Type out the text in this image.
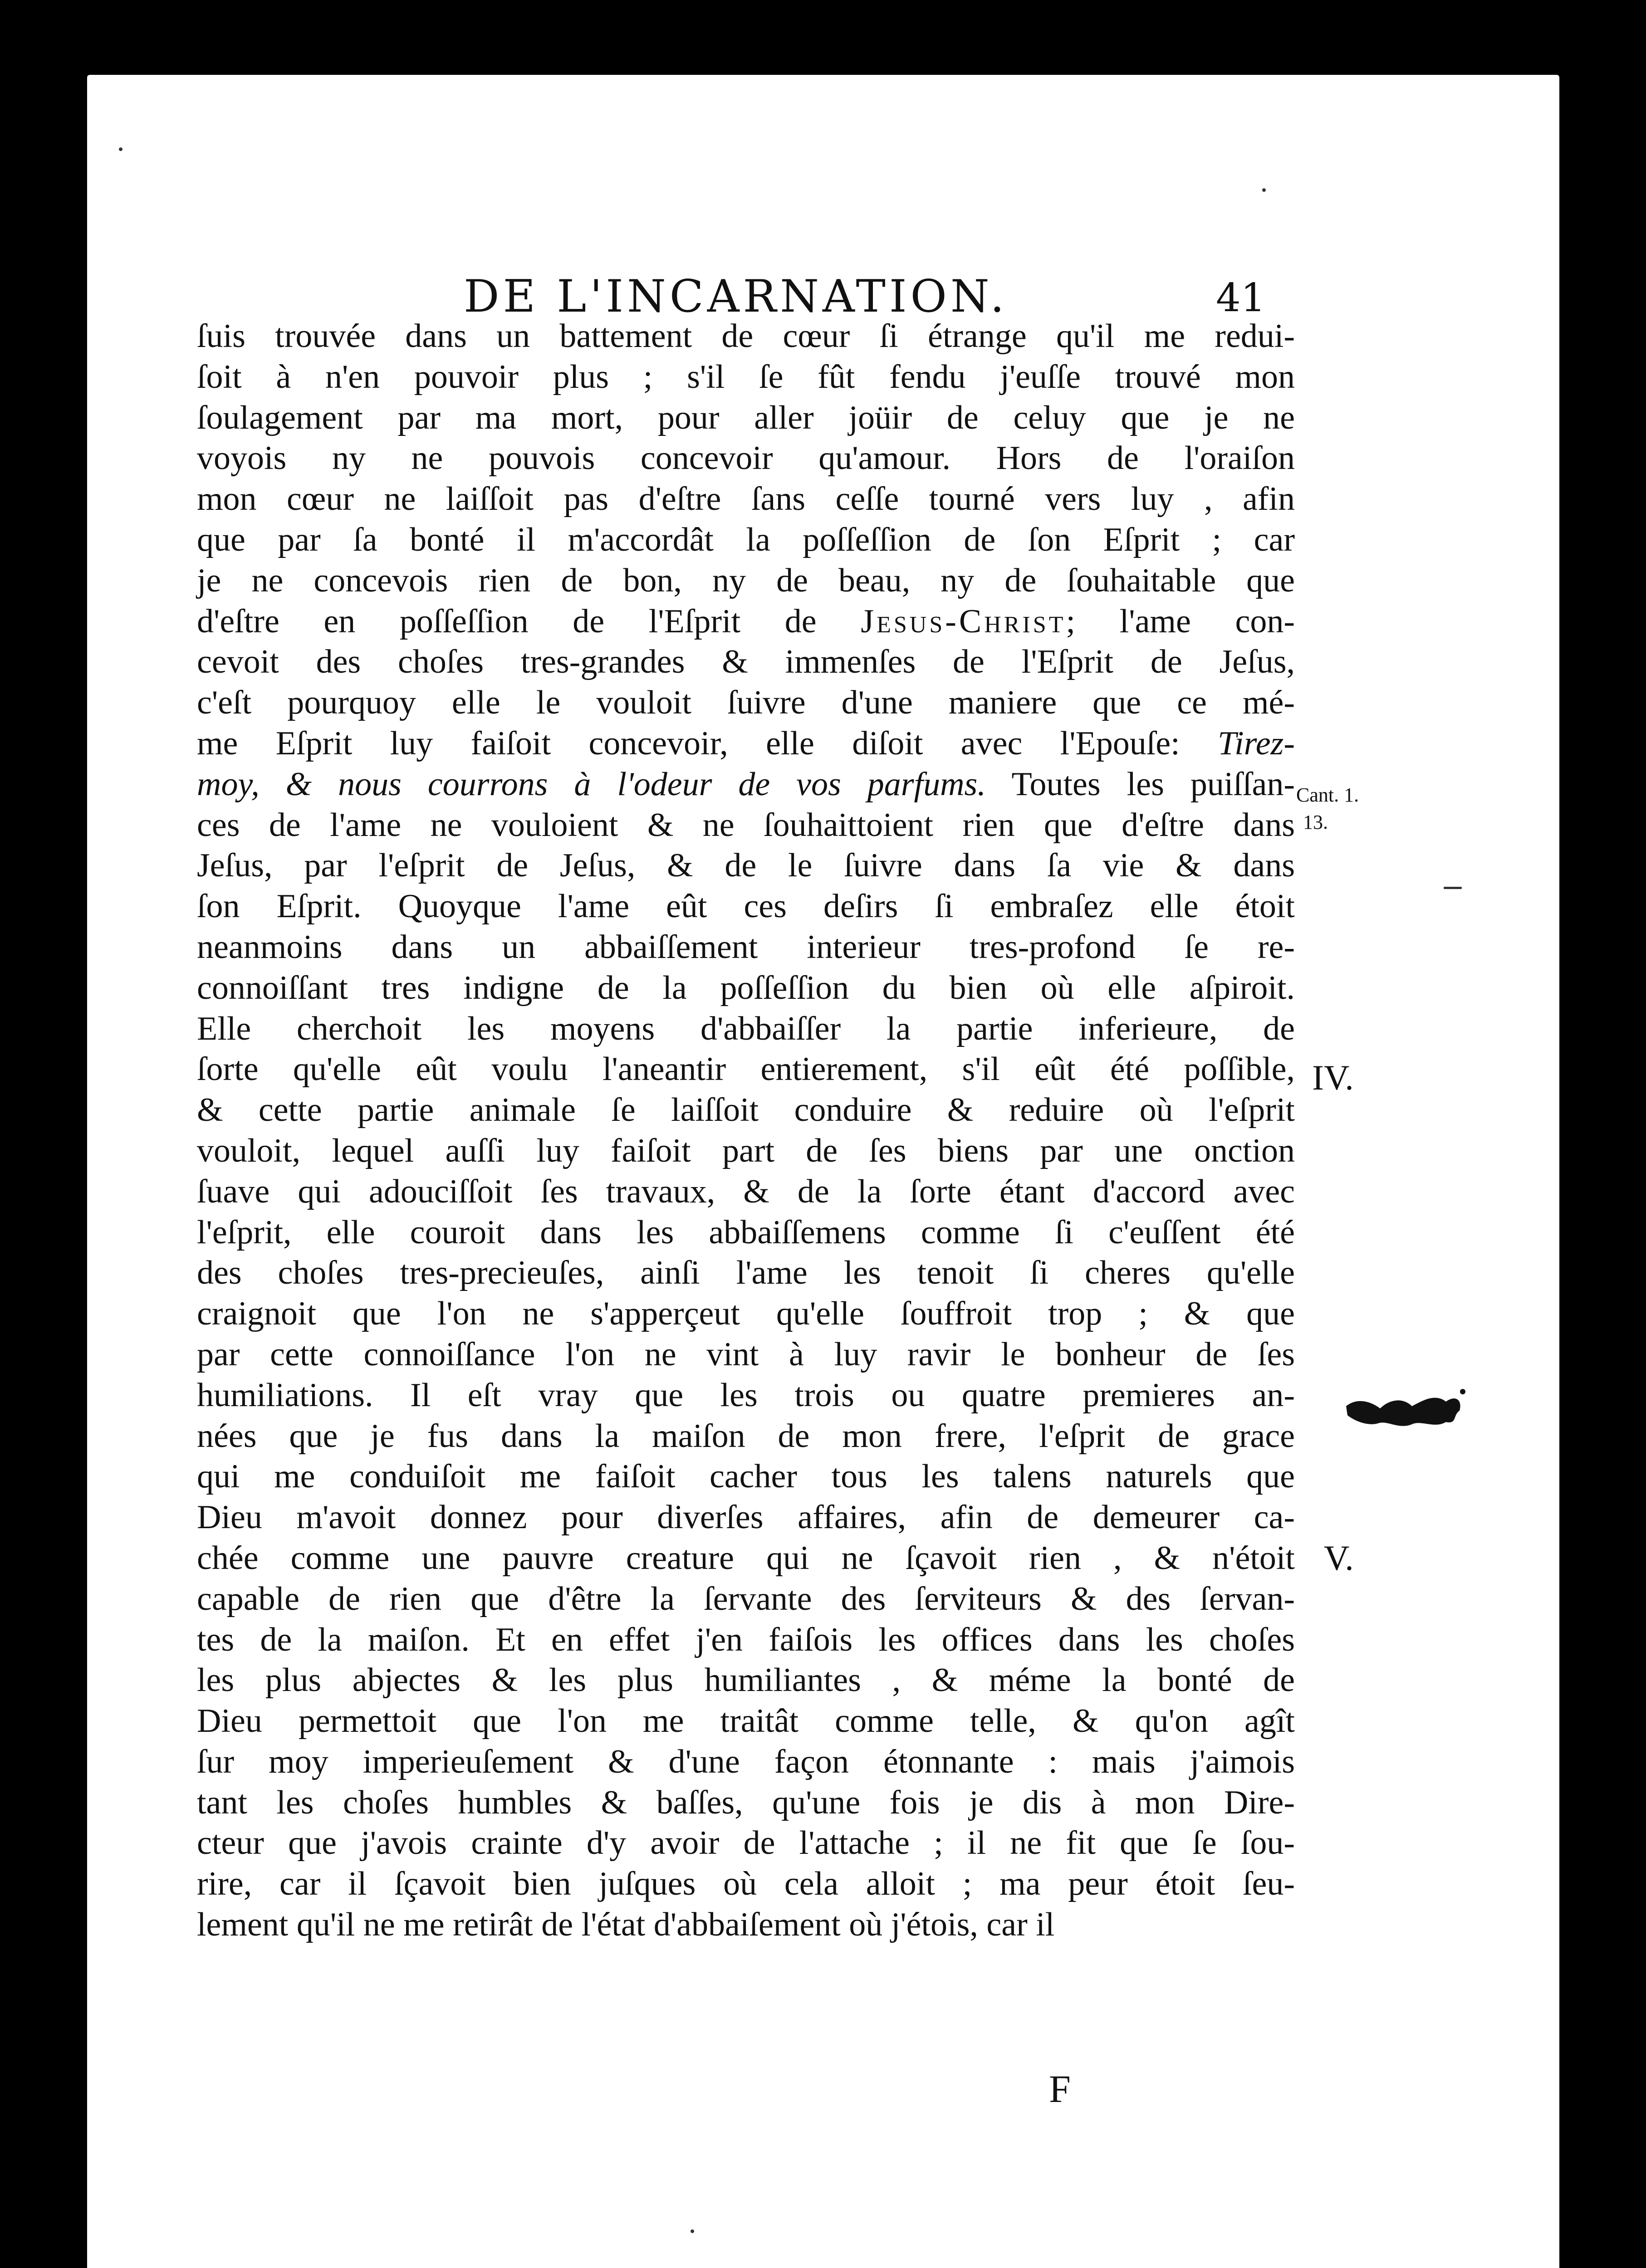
DE L'INCARNATION.	41
ſuis trouvée dans un battement de cœur ſi étrange qu'il me redui-
ſoit à n'en pouvoir plus ; s'il ſe fût fendu j'euſſe trouvé mon
ſoulagement par ma mort, pour aller joüir de celuy que je ne
voyois ny ne pouvois concevoir qu'amour. Hors de l'oraiſon
mon cœur ne laiſſoit pas d'eſtre ſans ceſſe tourné vers luy , afin
que par ſa bonté il m'accordât la poſſeſſion de ſon Eſprit ; car
je ne concevois rien de bon, ny de beau, ny de ſouhaitable que
d'eſtre en poſſeſſion de l'Eſprit de Jesus-Christ; l'ame con-
cevoit des choſes tres-grandes & immenſes de l'Eſprit de Jeſus,
c'eſt pourquoy elle le vouloit ſuivre d'une maniere que ce mé-
me Eſprit luy faiſoit concevoir, elle diſoit avec l'Epouſe: Tirez-
moy, & nous courrons à l'odeur de vos parfums. Toutes les puiſſan-
ces de l'ame ne vouloient & ne ſouhaittoient rien que d'eſtre dans
Jeſus, par l'eſprit de Jeſus, & de le ſuivre dans ſa vie & dans
ſon Eſprit. Quoyque l'ame eût ces deſirs ſi embraſez elle étoit
neanmoins dans un abbaiſſement interieur tres-profond ſe re-
connoiſſant tres indigne de la poſſeſſion du bien où elle aſpiroit.
Elle cherchoit les moyens d'abbaiſſer la partie inferieure, de
ſorte qu'elle eût voulu l'aneantir entierement, s'il eût été poſſible,
& cette partie animale ſe laiſſoit conduire & reduire où l'eſprit
vouloit, lequel auſſi luy faiſoit part de ſes biens par une onction
ſuave qui adouciſſoit ſes travaux, & de la ſorte étant d'accord avec
l'eſprit, elle couroit dans les abbaiſſemens comme ſi c'euſſent été
des choſes tres-precieuſes, ainſi l'ame les tenoit ſi cheres qu'elle
craignoit que l'on ne s'apperçeut qu'elle ſouffroit trop ; & que
par cette connoiſſance l'on ne vint à luy ravir le bonheur de ſes
humiliations. Il eſt vray que les trois ou quatre premieres an-
nées que je fus dans la maiſon de mon frere, l'eſprit de grace
qui me conduiſoit me faiſoit cacher tous les talens naturels que
Dieu m'avoit donnez pour diverſes affaires, afin de demeurer ca-
chée comme une pauvre creature qui ne ſçavoit rien , & n'étoit
capable de rien que d'être la ſervante des ſerviteurs & des ſervan-
tes de la maiſon. Et en effet j'en faiſois les offices dans les choſes
les plus abjectes & les plus humiliantes , & méme la bonté de
Dieu permettoit que l'on me traitât comme telle, & qu'on agît
ſur moy imperieuſement & d'une façon étonnante : mais j'aimois
tant les choſes humbles & baſſes, qu'une fois je dis à mon Dire-
cteur que j'avois crainte d'y avoir de l'attache ; il ne fit que ſe ſou-
rire, car il ſçavoit bien juſques où cela alloit ; ma peur étoit ſeu-
lement qu'il ne me retirât de l'état d'abbaiſement où j'étois, car il
Cant. 1.
13.
IV.
V.
F
